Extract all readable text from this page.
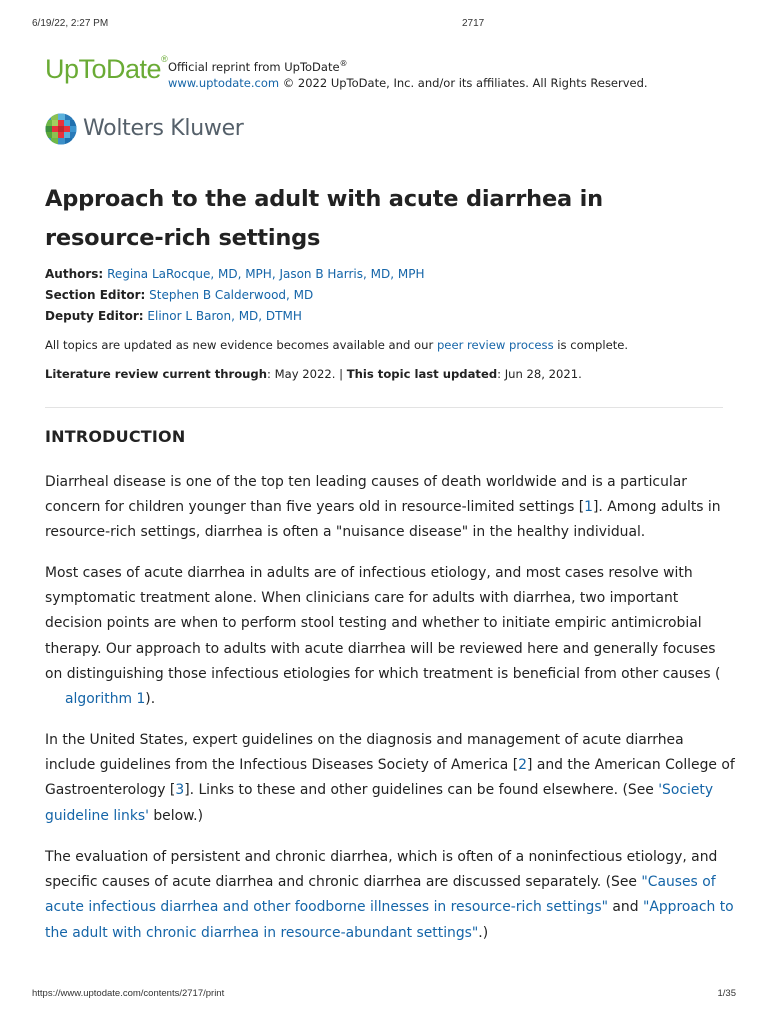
6/19/22, 2:27 PM	2717
UpToDate®
Official reprint from UpToDate®
www.uptodate.com © 2022 UpToDate, Inc. and/or its affiliates. All Rights Reserved.
Wolters Kluwer
Approach to the adult with acute diarrhea in resource-rich settings
Authors: Regina LaRocque, MD, MPH, Jason B Harris, MD, MPH
Section Editor: Stephen B Calderwood, MD
Deputy Editor: Elinor L Baron, MD, DTMH

All topics are updated as new evidence becomes available and our peer review process is complete.

Literature review current through: May 2022. | This topic last updated: Jun 28, 2021.

INTRODUCTION

Diarrheal disease is one of the top ten leading causes of death worldwide and is a particular concern for children younger than five years old in resource-limited settings [1]. Among adults in resource-rich settings, diarrhea is often a "nuisance disease" in the healthy individual.

Most cases of acute diarrhea in adults are of infectious etiology, and most cases resolve with symptomatic treatment alone. When clinicians care for adults with diarrhea, two important decision points are when to perform stool testing and whether to initiate empiric antimicrobial therapy. Our approach to adults with acute diarrhea will be reviewed here and generally focuses on distinguishing those infectious etiologies for which treatment is beneficial from other causes (algorithm 1).

In the United States, expert guidelines on the diagnosis and management of acute diarrhea include guidelines from the Infectious Diseases Society of America [2] and the American College of Gastroenterology [3]. Links to these and other guidelines can be found elsewhere. (See 'Society guideline links' below.)

The evaluation of persistent and chronic diarrhea, which is often of a noninfectious etiology, and specific causes of acute diarrhea and chronic diarrhea are discussed separately. (See "Causes of acute infectious diarrhea and other foodborne illnesses in resource-rich settings" and "Approach to the adult with chronic diarrhea in resource-abundant settings".)

https://www.uptodate.com/contents/2717/print	1/35
